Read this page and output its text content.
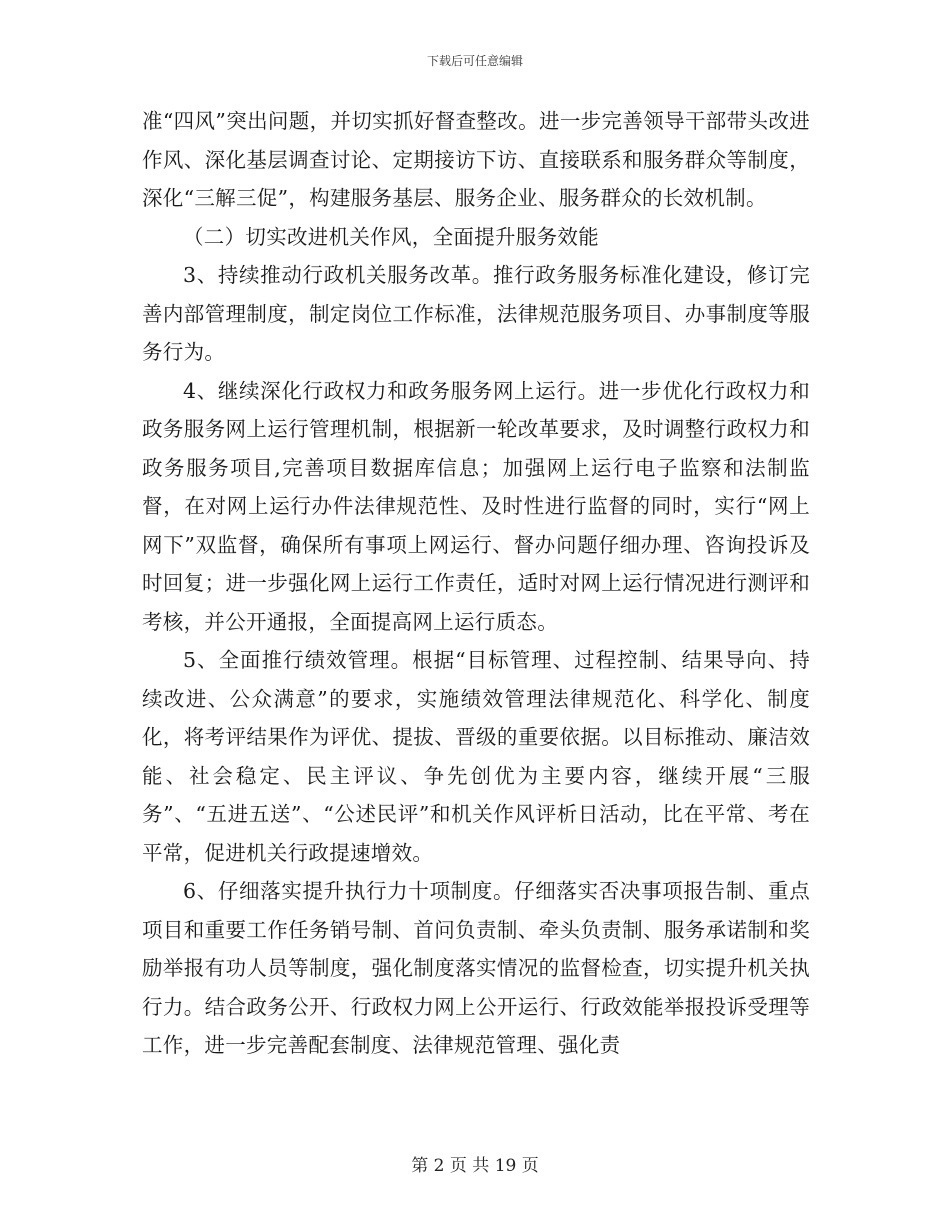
下载后可任意编辑

准“四风”突出问题，并切实抓好督查整改。进一步完善领导干部带头改进作风、深化基层调查讨论、定期接访下访、直接联系和服务群众等制度，深化“三解三促”，构建服务基层、服务企业、服务群众的长效机制。

（二）切实改进机关作风，全面提升服务效能

3、持续推动行政机关服务改革。推行政务服务标准化建设，修订完善内部管理制度，制定岗位工作标准，法律规范服务项目、办事制度等服务行为。

4、继续深化行政权力和政务服务网上运行。进一步优化行政权力和政务服务网上运行管理机制，根据新一轮改革要求，及时调整行政权力和政务服务项目,完善项目数据库信息；加强网上运行电子监察和法制监督，在对网上运行办件法律规范性、及时性进行监督的同时，实行“网上网下”双监督，确保所有事项上网运行、督办问题仔细办理、咨询投诉及时回复；进一步强化网上运行工作责任，适时对网上运行情况进行测评和考核，并公开通报，全面提高网上运行质态。

5、全面推行绩效管理。根据“目标管理、过程控制、结果导向、持续改进、公众满意”的要求，实施绩效管理法律规范化、科学化、制度化，将考评结果作为评优、提拔、晋级的重要依据。以目标推动、廉洁效能、社会稳定、民主评议、争先创优为主要内容，继续开展“三服务”、“五进五送”、“公述民评”和机关作风评析日活动，比在平常、考在平常，促进机关行政提速增效。

6、仔细落实提升执行力十项制度。仔细落实否决事项报告制、重点项目和重要工作任务销号制、首问负责制、牵头负责制、服务承诺制和奖励举报有功人员等制度，强化制度落实情况的监督检查，切实提升机关执行力。结合政务公开、行政权力网上公开运行、行政效能举报投诉受理等工作，进一步完善配套制度、法律规范管理、强化责

第 2 页 共 19 页
